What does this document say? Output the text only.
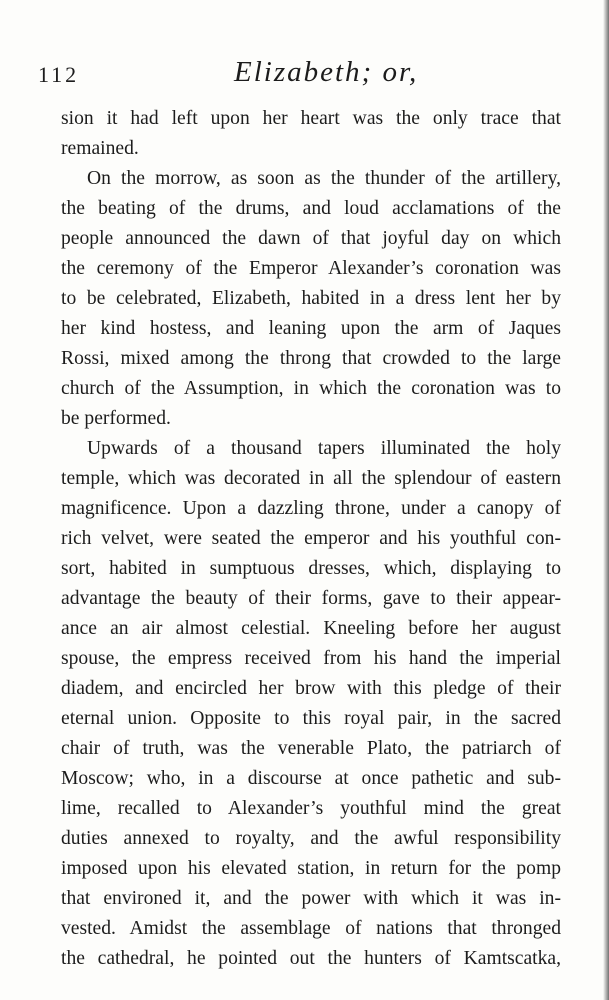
112	Elizabeth; or,
sion it had left upon her heart was the only trace that
remained.
On the morrow, as soon as the thunder of the artillery,
the beating of the drums, and loud acclamations of the
people announced the dawn of that joyful day on which
the ceremony of the Emperor Alexander’s coronation was
to be celebrated, Elizabeth, habited in a dress lent her by
her kind hostess, and leaning upon the arm of Jaques
Rossi, mixed among the throng that crowded to the large
church of the Assumption, in which the coronation was to
be performed.
Upwards of a thousand tapers illuminated the holy
temple, which was decorated in all the splendour of eastern
magnificence. Upon a dazzling throne, under a canopy of
rich velvet, were seated the emperor and his youthful con-
sort, habited in sumptuous dresses, which, displaying to
advantage the beauty of their forms, gave to their appear-
ance an air almost celestial. Kneeling before her august
spouse, the empress received from his hand the imperial
diadem, and encircled her brow with this pledge of their
eternal union. Opposite to this royal pair, in the sacred
chair of truth, was the venerable Plato, the patriarch of
Moscow; who, in a discourse at once pathetic and sub-
lime, recalled to Alexander’s youthful mind the great
duties annexed to royalty, and the awful responsibility
imposed upon his elevated station, in return for the pomp
that environed it, and the power with which it was in-
vested. Amidst the assemblage of nations that thronged
the cathedral, he pointed out the hunters of Kamtscatka,
